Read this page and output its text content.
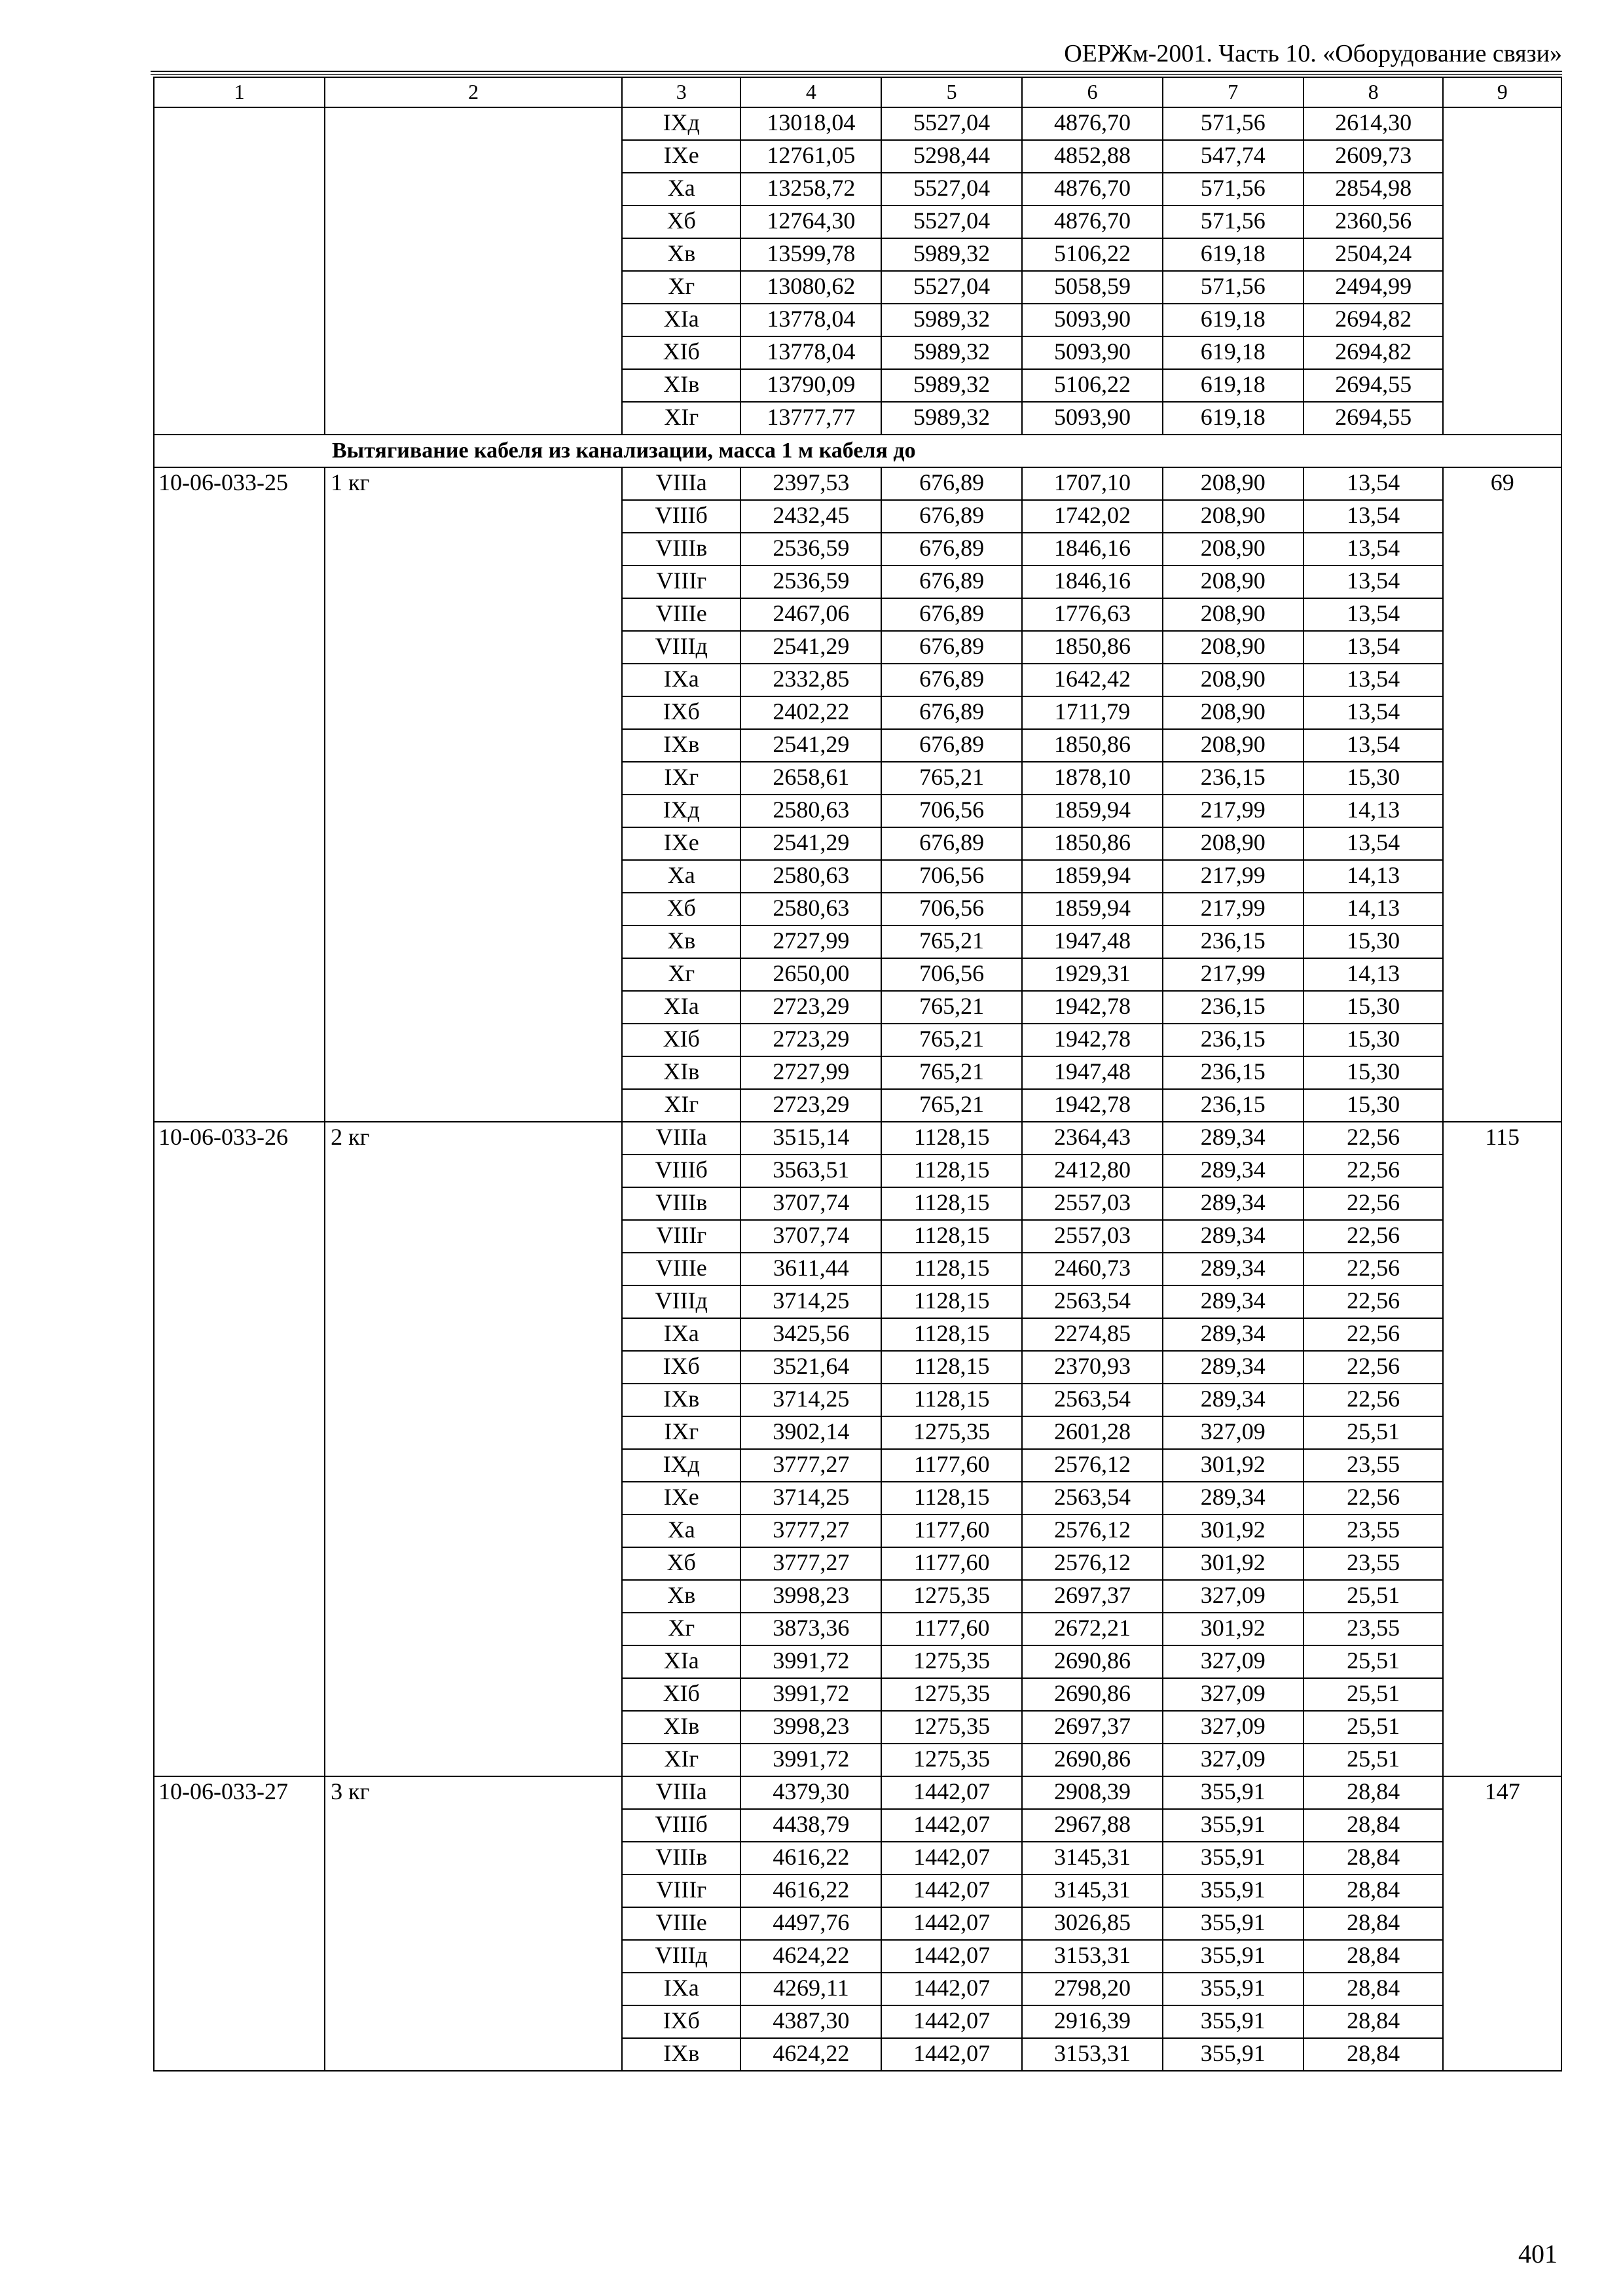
ОЕРЖм-2001. Часть 10. «Оборудование связи»
1	2	3	4	5	6	7	8	9
		IXд	13018,04	5527,04	4876,70	571,56	2614,30	
		IXе	12761,05	5298,44	4852,88	547,74	2609,73	
		Xа	13258,72	5527,04	4876,70	571,56	2854,98	
		Xб	12764,30	5527,04	4876,70	571,56	2360,56	
		Xв	13599,78	5989,32	5106,22	619,18	2504,24	
		Xг	13080,62	5527,04	5058,59	571,56	2494,99	
		XIа	13778,04	5989,32	5093,90	619,18	2694,82	
		XIб	13778,04	5989,32	5093,90	619,18	2694,82	
		XIв	13790,09	5989,32	5106,22	619,18	2694,55	
		XIг	13777,77	5989,32	5093,90	619,18	2694,55	
Вытягивание кабеля из канализации, масса 1 м кабеля до								
10-06-033-25	1 кг	VIIIа	2397,53	676,89	1707,10	208,90	13,54	69
		VIIIб	2432,45	676,89	1742,02	208,90	13,54	
		VIIIв	2536,59	676,89	1846,16	208,90	13,54	
		VIIIг	2536,59	676,89	1846,16	208,90	13,54	
		VIIIе	2467,06	676,89	1776,63	208,90	13,54	
		VIIIд	2541,29	676,89	1850,86	208,90	13,54	
		IXа	2332,85	676,89	1642,42	208,90	13,54	
		IXб	2402,22	676,89	1711,79	208,90	13,54	
		IXв	2541,29	676,89	1850,86	208,90	13,54	
		IXг	2658,61	765,21	1878,10	236,15	15,30	
		IXд	2580,63	706,56	1859,94	217,99	14,13	
		IXе	2541,29	676,89	1850,86	208,90	13,54	
		Xа	2580,63	706,56	1859,94	217,99	14,13	
		Xб	2580,63	706,56	1859,94	217,99	14,13	
		Xв	2727,99	765,21	1947,48	236,15	15,30	
		Xг	2650,00	706,56	1929,31	217,99	14,13	
		XIа	2723,29	765,21	1942,78	236,15	15,30	
		XIб	2723,29	765,21	1942,78	236,15	15,30	
		XIв	2727,99	765,21	1947,48	236,15	15,30	
		XIг	2723,29	765,21	1942,78	236,15	15,30	
10-06-033-26	2 кг	VIIIа	3515,14	1128,15	2364,43	289,34	22,56	115
		VIIIб	3563,51	1128,15	2412,80	289,34	22,56	
		VIIIв	3707,74	1128,15	2557,03	289,34	22,56	
		VIIIг	3707,74	1128,15	2557,03	289,34	22,56	
		VIIIе	3611,44	1128,15	2460,73	289,34	22,56	
		VIIIд	3714,25	1128,15	2563,54	289,34	22,56	
		IXа	3425,56	1128,15	2274,85	289,34	22,56	
		IXб	3521,64	1128,15	2370,93	289,34	22,56	
		IXв	3714,25	1128,15	2563,54	289,34	22,56	
		IXг	3902,14	1275,35	2601,28	327,09	25,51	
		IXд	3777,27	1177,60	2576,12	301,92	23,55	
		IXе	3714,25	1128,15	2563,54	289,34	22,56	
		Xа	3777,27	1177,60	2576,12	301,92	23,55	
		Xб	3777,27	1177,60	2576,12	301,92	23,55	
		Xв	3998,23	1275,35	2697,37	327,09	25,51	
		Xг	3873,36	1177,60	2672,21	301,92	23,55	
		XIа	3991,72	1275,35	2690,86	327,09	25,51	
		XIб	3991,72	1275,35	2690,86	327,09	25,51	
		XIв	3998,23	1275,35	2697,37	327,09	25,51	
		XIг	3991,72	1275,35	2690,86	327,09	25,51	
10-06-033-27	3 кг	VIIIа	4379,30	1442,07	2908,39	355,91	28,84	147
		VIIIб	4438,79	1442,07	2967,88	355,91	28,84	
		VIIIв	4616,22	1442,07	3145,31	355,91	28,84	
		VIIIг	4616,22	1442,07	3145,31	355,91	28,84	
		VIIIе	4497,76	1442,07	3026,85	355,91	28,84	
		VIIIд	4624,22	1442,07	3153,31	355,91	28,84	
		IXа	4269,11	1442,07	2798,20	355,91	28,84	
		IXб	4387,30	1442,07	2916,39	355,91	28,84	
		IXв	4624,22	1442,07	3153,31	355,91	28,84	
401
